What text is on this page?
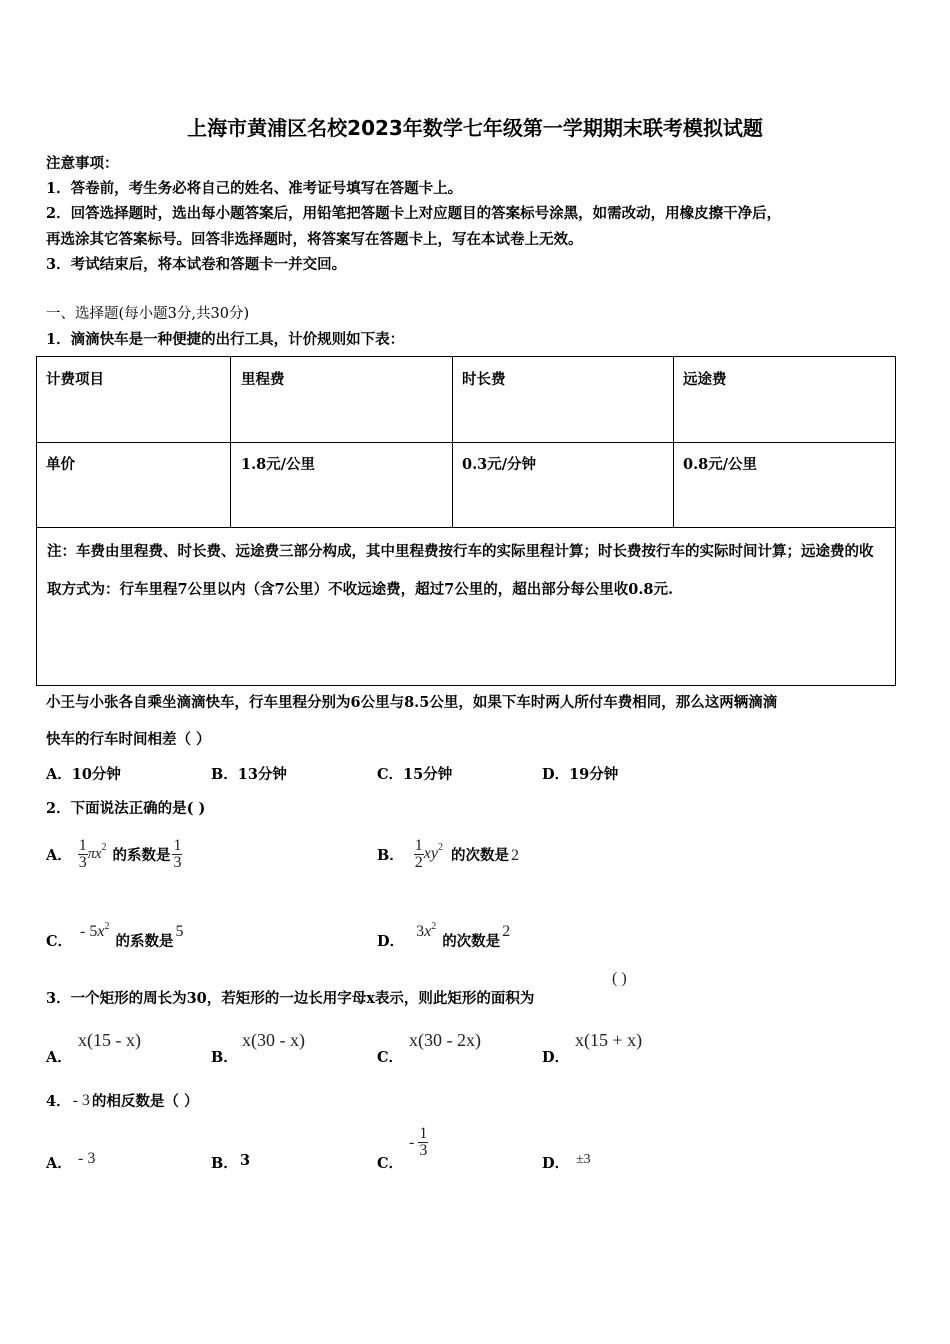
上海市黄浦区名校2023年数学七年级第一学期期末联考模拟试题
注意事项：
1．答卷前，考生务必将自己的姓名、准考证号填写在答题卡上。
2．回答选择题时，选出每小题答案后，用铅笔把答题卡上对应题目的答案标号涂黑，如需改动，用橡皮擦干净后，
再选涂其它答案标号。回答非选择题时，将答案写在答题卡上，写在本试卷上无效。
3．考试结束后，将本试卷和答题卡一并交回。
一、选择题(每小题3分,共30分)
1．滴滴快车是一种便捷的出行工具，计价规则如下表：
计费项目	里程费	时长费	远途费
单价	1.8元/公里	0.3元/分钟	0.8元/公里
注：车费由里程费、时长费、远途费三部分构成，其中里程费按行车的实际里程计算；时长费按行车的实际时间计算；远途费的收取方式为：行车里程7公里以内（含7公里）不收远途费，超过7公里的，超出部分每公里收0.8元.
小王与小张各自乘坐滴滴快车，行车里程分别为6公里与8.5公里，如果下车时两人所付车费相同，那么这两辆滴滴
快车的行车时间相差（ ）
A．10分钟	B．13分钟	C．15分钟	D．19分钟
2．下面说法正确的是( )
A． $\frac{1}{3} \pi x^2$ 的系数是 $\frac{1}{3}$	B． $\frac{1}{2} xy^2$ 的次数是 2
C．
- $5x^2$
的系数是
5
D．
$3x^2$
的次数是
2
3．一个矩形的周长为30，若矩形的一边长用字母x表示，则此矩形的面积为
( )
A．
x(15 - x)
B．
x(30 - x)
C．
x(30 - 2x)
D．
x(15 + x)
4． - 3 的相反数是（ ）
A． - 3	B． 3	C．
- $\frac{1}{3}$
D． ±3
